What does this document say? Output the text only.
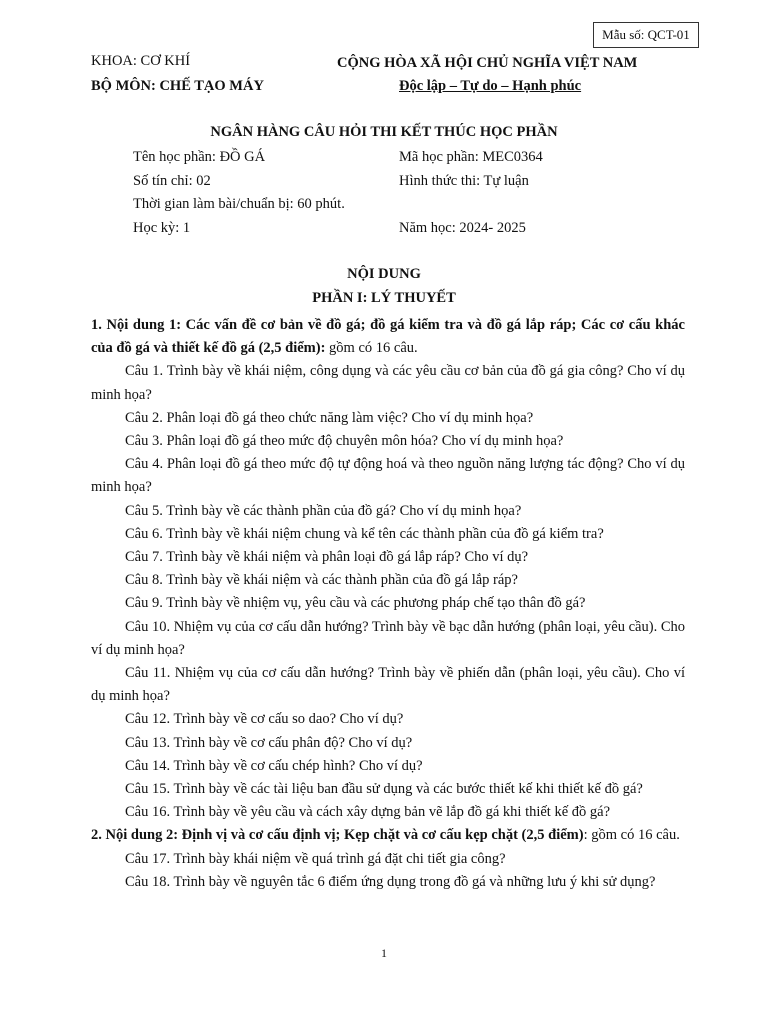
Mẫu số: QCT-01
KHOA: CƠ KHÍ
BỘ MÔN: CHẾ TẠO MÁY
CỘNG HÒA XÃ HỘI CHỦ NGHĨA VIỆT NAM
Độc lập – Tự do – Hạnh phúc
NGÂN HÀNG CÂU HỎI THI KẾT THÚC HỌC PHẦN
Tên học phần: ĐỒ GÁ	Mã học phần: MEC0364
Số tín chỉ: 02	Hình thức thi: Tự luận
Thời gian làm bài/chuẩn bị: 60 phút.
Học kỳ: 1	Năm học: 2024- 2025
NỘI DUNG
PHẦN I: LÝ THUYẾT

1. Nội dung 1: Các vấn đề cơ bản về đồ gá; đồ gá kiểm tra và đồ gá lắp ráp; Các cơ cấu khác của đồ gá và thiết kế đồ gá (2,5 điểm): gồm có 16 câu.

Câu 1. Trình bày về khái niệm, công dụng và các yêu cầu cơ bản của đồ gá gia công? Cho ví dụ minh họa?

Câu 2. Phân loại đồ gá theo chức năng làm việc? Cho ví dụ minh họa?

Câu 3. Phân loại đồ gá theo mức độ chuyên môn hóa? Cho ví dụ minh họa?

Câu 4. Phân loại đồ gá theo mức độ tự động hoá và theo nguồn năng lượng tác động? Cho ví dụ minh họa?

Câu 5. Trình bày về các thành phần của đồ gá? Cho ví dụ minh họa?

Câu 6. Trình bày về khái niệm chung và kể tên các thành phần của đồ gá kiểm tra?

Câu 7. Trình bày về khái niệm và phân loại đồ gá lắp ráp? Cho ví dụ?

Câu 8. Trình bày về khái niệm và các thành phần của đồ gá lắp ráp?

Câu 9. Trình bày về nhiệm vụ, yêu cầu và các phương pháp chế tạo thân đồ gá?

Câu 10. Nhiệm vụ của cơ cấu dẫn hướng? Trình bày về bạc dẫn hướng (phân loại, yêu cầu). Cho ví dụ minh họa?

Câu 11. Nhiệm vụ của cơ cấu dẫn hướng? Trình bày về phiến dẫn (phân loại, yêu cầu). Cho ví dụ minh họa?

Câu 12. Trình bày về cơ cấu so dao? Cho ví dụ?

Câu 13. Trình bày về cơ cấu phân độ? Cho ví dụ?

Câu 14. Trình bày về cơ cấu chép hình? Cho ví dụ?

Câu 15. Trình bày về các tài liệu ban đầu sử dụng và các bước thiết kế khi thiết kế đồ gá?

Câu 16. Trình bày về yêu cầu và cách xây dựng bản vẽ lắp đồ gá khi thiết kế đồ gá?

2. Nội dung 2: Định vị và cơ cấu định vị; Kẹp chặt và cơ cấu kẹp chặt (2,5 điểm): gồm có 16 câu.

Câu 17. Trình bày khái niệm về quá trình gá đặt chi tiết gia công?

Câu 18. Trình bày về nguyên tắc 6 điểm ứng dụng trong đồ gá và những lưu ý khi sử dụng?

1
